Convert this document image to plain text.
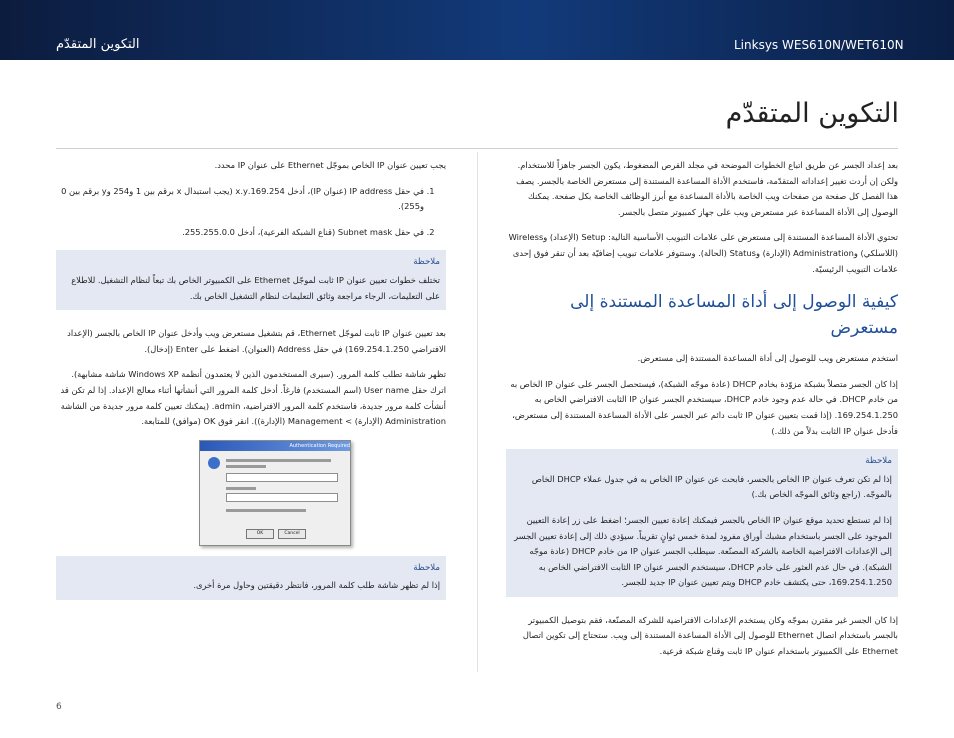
Linksys WES610N/WET610N
التكوين المتقدّم
التكوين المتقدّم

بعد إعداد الجسر عن طريق اتباع الخطوات الموضحة في مجلد القرص المضغوط، يكون الجسر جاهزاً للاستخدام. ولكن إن أردت تغيير إعداداته المتقدّمة، فاستخدم الأداة المساعدة المستندة إلى مستعرض الخاصة بالجسر. يصف هذا الفصل كل صفحة من صفحات ويب الخاصة بالأداة المساعدة مع أبرز الوظائف الخاصة بكل صفحة. يمكنك الوصول إلى الأداة المساعدة عبر مستعرض ويب على جهاز كمبيوتر متصل بالجسر.

تحتوي الأداة المساعدة المستندة إلى مستعرض على علامات التبويب الأساسية التالية: Setup (الإعداد) وWireless (اللاسلكي) وAdministration (الإدارة) وStatus (الحالة). وستتوفر علامات تبويب إضافيّة بعد أن تنقر فوق إحدى علامات التبويب الرئيسيّة.

كيفية الوصول إلى أداة المساعدة المستندة إلى مستعرض

استخدم مستعرض ويب للوصول إلى أداة المساعدة المستندة إلى مستعرض.

إذا كان الجسر متصلاً بشبكة مزوّدة بخادم DHCP (عادة موجّه الشبكة)، فيستحصل الجسر على عنوان IP الخاص به من خادم DHCP. في حالة عدم وجود خادم DHCP، سيستخدم الجسر عنوان IP الثابت الافتراضي الخاص به 169.254.1.250. (إذا قمت بتعيين عنوان IP ثابت دائم عبر الجسر على الأداة المساعدة المستندة إلى مستعرض، فأدخل عنوان IP الثابت بدلاً من ذلك.)

ملاحظة

إذا لم تكن تعرف عنوان IP الخاص بالجسر، فابحث عن عنوان IP الخاص به في جدول عملاء DHCP الخاص بالموجّه. (راجع وثائق الموجّه الخاص بك.)

إذا لم تستطع تحديد موقع عنوان IP الخاص بالجسر فيمكنك إعادة تعيين الجسر؛ اضغط على زر إعادة التعيين الموجود على الجسر باستخدام مشبك أوراق مفرود لمدة خمس ثوانٍ تقريباً. سيؤدي ذلك إلى إعادة تعيين الجسر إلى الإعدادات الافتراضية الخاصة بالشركة المصنّعة. سيطلب الجسر عنوان IP من خادم DHCP (عادة موجّه الشبكة). في حال عدم العثور على خادم DHCP، سيستخدم الجسر عنوان IP الثابت الافتراضي الخاص به 169.254.1.250، حتى يكتشف خادم DHCP ويتم تعيين عنوان IP جديد للجسر.

إذا كان الجسر غير مقترن بموجّه وكان يستخدم الإعدادات الافتراضية للشركة المصنّعة، فقم بتوصيل الكمبيوتر بالجسر باستخدام اتصال Ethernet للوصول إلى الأداة المساعدة المستندة إلى ويب. ستحتاج إلى تكوين اتصال Ethernet على الكمبيوتر باستخدام عنوان IP ثابت وقناع شبكة فرعية.

يجب تعيين عنوان IP الخاص بموجّل Ethernet على عنوان IP محدد.

1. في حقل IP address (عنوان IP)، أدخل 169.254.x.y (يجب استبدال x برقم بين 1 و254 وy برقم بين 0 و255).
2. في حقل Subnet mask (قناع الشبكة الفرعية)، أدخل 255.255.0.0.
ملاحظة

تختلف خطوات تعيين عنوان IP ثابت لموجّل Ethernet على الكمبيوتر الخاص بك تبعاً لنظام التشغيل. للاطلاع على التعليمات، الرجاء مراجعة وثائق التعليمات لنظام التشغيل الخاص بك.

بعد تعيين عنوان IP ثابت لموجّل Ethernet، قم بتشغيل مستعرض ويب وأدخل عنوان IP الخاص بالجسر (الإعداد الافتراضي 169.254.1.250) في حقل Address (العنوان). اضغط على Enter (إدخال).

تظهر شاشة تطلب كلمة المرور. (سيرى المستخدمون الذين لا يعتمدون أنظمة Windows XP شاشة مشابهة). اترك حقل User name (اسم المستخدم) فارغاً. أدخل كلمة المرور التي أنشأتها أثناء معالج الإعداد. إذا لم تكن قد أنشأت كلمة مرور جديدة، فاستخدم كلمة المرور الافتراضية، admin. (يمكنك تعيين كلمة مرور جديدة من الشاشة Administration (الإدارة) > Management (الإدارة)). انقر فوق OK (موافق) للمتابعة.

Authentication Required
OK	Cancel
ملاحظة

إذا لم تظهر شاشة طلب كلمة المرور، فانتظر دقيقتين وحاول مرة أخرى.

6
